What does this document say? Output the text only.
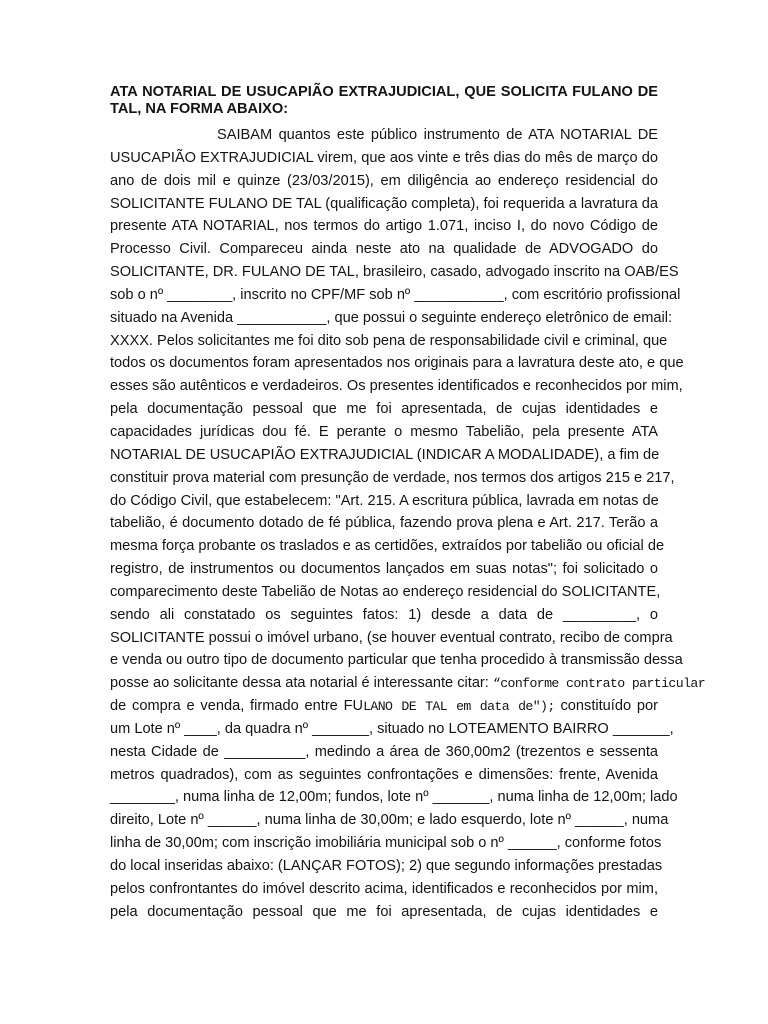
ATA NOTARIAL DE USUCAPIÃO EXTRAJUDICIAL, QUE SOLICITA FULANO DE TAL, NA FORMA ABAIXO:
SAIBAM quantos este público instrumento de ATA NOTARIAL DE
USUCAPIÃO EXTRAJUDICIAL virem, que aos vinte e três dias do mês de março do
ano de dois mil e quinze (23/03/2015), em diligência ao endereço residencial do
SOLICITANTE FULANO DE TAL (qualificação completa), foi requerida a lavratura da
presente ATA NOTARIAL, nos termos do artigo 1.071, inciso I, do novo Código de
Processo Civil. Compareceu ainda neste ato na qualidade de ADVOGADO do
SOLICITANTE, DR. FULANO DE TAL, brasileiro, casado, advogado inscrito na OAB/ES
sob o nº ________, inscrito no CPF/MF sob nº ___________, com escritório profissional
situado na Avenida ___________, que possui o seguinte endereço eletrônico de email:
XXXX. Pelos solicitantes me foi dito sob pena de responsabilidade civil e criminal, que
todos os documentos foram apresentados nos originais para a lavratura deste ato, e que
esses são autênticos e verdadeiros. Os presentes identificados e reconhecidos por mim,
pela documentação pessoal que me foi apresentada, de cujas identidades e
capacidades jurídicas dou fé. E perante o mesmo Tabelião, pela presente ATA
NOTARIAL DE USUCAPIÃO EXTRAJUDICIAL (INDICAR A MODALIDADE), a fim de
constituir prova material com presunção de verdade, nos termos dos artigos 215 e 217,
do Código Civil, que estabelecem: "Art. 215. A escritura pública, lavrada em notas de
tabelião, é documento dotado de fé pública, fazendo prova plena e Art. 217. Terão a
mesma força probante os traslados e as certidões, extraídos por tabelião ou oficial de
registro, de instrumentos ou documentos lançados em suas notas"; foi solicitado o
comparecimento deste Tabelião de Notas ao endereço residencial do SOLICITANTE,
sendo ali constatado os seguintes fatos: 1) desde a data de _________, o
SOLICITANTE possui o imóvel urbano, (se houver eventual contrato, recibo de compra
e venda ou outro tipo de documento particular que tenha procedido à transmissão dessa
posse ao solicitante dessa ata notarial é interessante citar: “conforme contrato particular
de compra e venda, firmado entre FULANO DE TAL em data de"); constituído por
um Lote nº ____, da quadra nº _______, situado no LOTEAMENTO BAIRRO _______,
nesta Cidade de __________, medindo a área de 360,00m2 (trezentos e sessenta
metros quadrados), com as seguintes confrontações e dimensões: frente, Avenida
________, numa linha de 12,00m; fundos, lote nº _______, numa linha de 12,00m; lado
direito, Lote nº ______, numa linha de 30,00m; e lado esquerdo, lote nº ______, numa
linha de 30,00m; com inscrição imobiliária municipal sob o nº ______, conforme fotos
do local inseridas abaixo: (LANÇAR FOTOS); 2) que segundo informações prestadas
pelos confrontantes do imóvel descrito acima, identificados e reconhecidos por mim,
pela documentação pessoal que me foi apresentada, de cujas identidades e
